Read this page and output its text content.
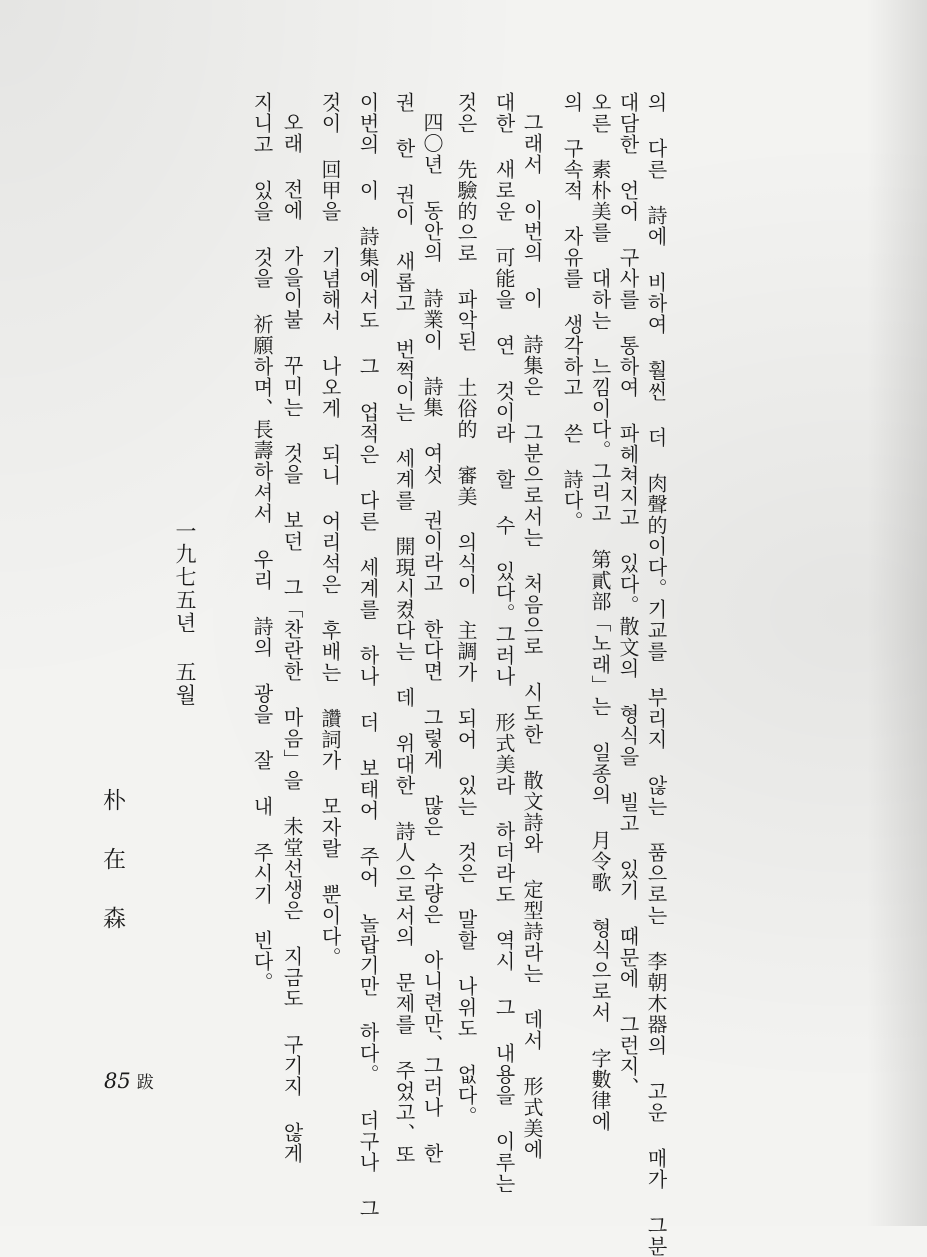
의 다른 詩에 비하여 훨씬 더 肉聲的이다。기교를 부리지 않는 품으로는 李朝木器의 고운 매가 그분
대담한 언어 구사를 통하여 파헤쳐지고 있다。散文의 형식을 빌고 있기 때문에 그런지、
오른 素朴美를 대하는 느낌이다。그리고 第貳部「노래」는 일종의 月令歌 형식으로서 字數律에
의 구속적 자유를 생각하고 쓴 詩다。
그래서 이번의 이 詩集은 그분으로서는 처음으로 시도한 散文詩와 定型詩라는 데서 形式美에
대한 새로운 可能을 연 것이라 할 수 있다。그러나 形式美라 하더라도 역시 그 내용을 이루는
것은 先驗的으로 파악된 土俗的 審美 의식이 主調가 되어 있는 것은 말할 나위도 없다。
四〇년 동안의 詩業이 詩集 여섯 권이라고 한다면 그렇게 많은 수량은 아니련만、그러나 한
권 한 권이 새롭고 번쩍이는 세계를 開現시켰다는 데 위대한 詩人으로서의 문제를 주었고、또
이번의 이 詩集에서도 그 업적은 다른 세계를 하나 더 보태어 주어 놀랍기만 하다。 더구나 그
것이 回甲을 기념해서 나오게 되니 어리석은 후배는 讚詞가 모자랄 뿐이다。
오래 전에 가을이불 꾸미는 것을 보던 그「찬란한 마음」을 未堂선생은 지금도 구기지 않게
지니고 있을 것을 祈願하며、長壽하셔서 우리 詩의 광을 잘 내 주시기 빈다。
一九七五년 五월
朴在森
85 跋
